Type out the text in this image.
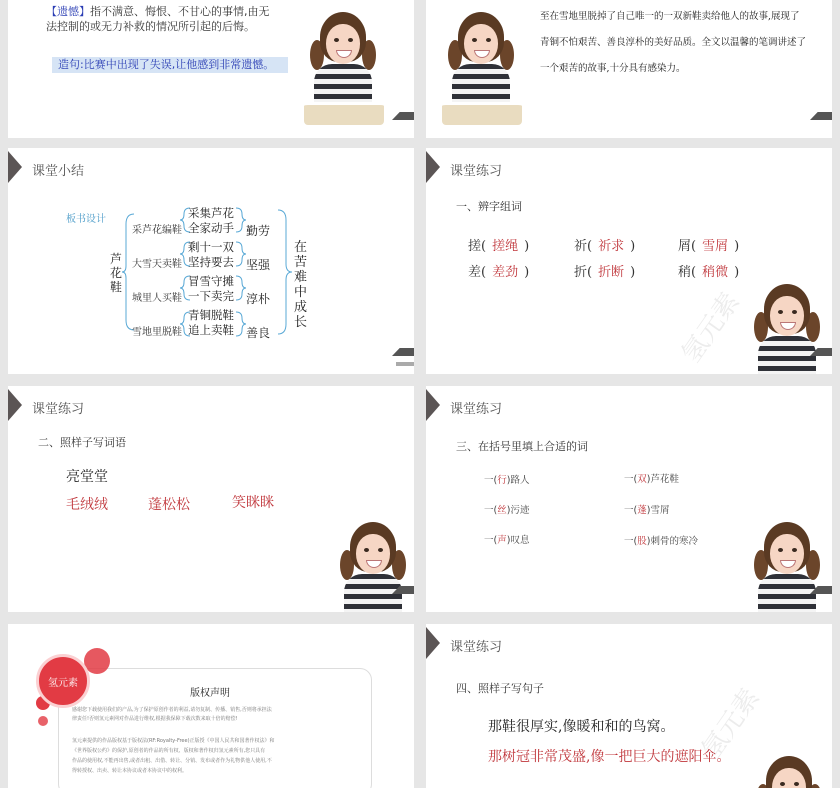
【遗憾】指不满意、悔恨、不甘心的事情,由无
法控制的或无力补救的情况所引起的后悔。
造句:比赛中出现了失误,让他感到非常遗憾。
至在雪地里脱掉了自己唯一的一双新鞋卖给他人的故事,展现了
青铜不怕艰苦、善良淳朴的美好品质。全文以温馨的笔调讲述了
一个艰苦的故事,十分具有感染力。
课堂小结
板书设计
芦花鞋
采芦花编鞋
大雪天卖鞋
城里人买鞋
雪地里脱鞋
采集芦花
全家动手
剩十一双
坚持要去
冒雪守摊
一下卖完
青铜脱鞋
追上卖鞋
勤劳
坚强
淳朴
善良
在苦难中成长
课堂练习
一、辨字组词
搓( 搓绳 )
差( 差劲 )
祈( 祈求 )
折( 折断 )
屑( 雪屑 )
稍( 稍微 )
氢元素
课堂练习
二、照样子写词语
亮堂堂
毛绒绒	蓬松松	笑眯眯
课堂练习
三、在括号里填上合适的词
一(行)路人
一(丝)污迹
一(声)叹息
一(双)芦花鞋
一(蓬)雪屑
一(股)刺骨的寒冷
氢元素
版权声明
感谢您下载使用我们的产品,为了保护原创作者的利益,请勿复制、传播、销售,否则将承担法
律责任!否则氢元素网对作品进行维权,根据我保障下载次数来取十倍的赔偿!
氢元素提供的作品版权基于版权法(RF:Royalty-Free)正版授《中国人民共和国著作权法》和
《世界版权公约》的保护,原创者的作品的所有权、版权和著作权归氢元素所有,您只具有
作品的使用权,不能再出售,或者出租、出借、转让、分销、发布或者作为礼物供他人使用,不
得转授权、出卖、转让本协议或者本协议中的权利。
课堂练习
四、照样子写句子
那鞋很厚实,像暖和和的鸟窝。
那树冠非常茂盛,像一把巨大的遮阳伞。
氢元素
